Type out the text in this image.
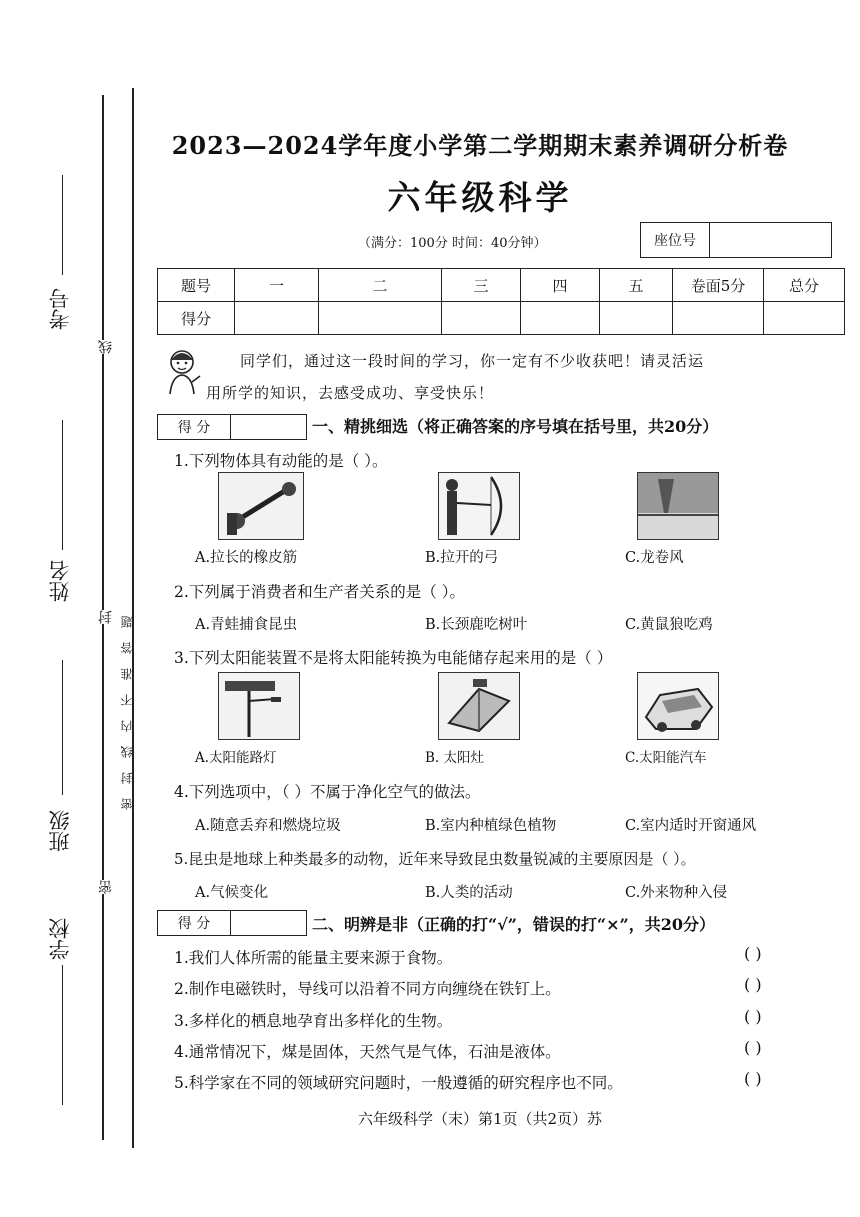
考号
姓名
班级
学校
线
封
密
密封线内不准答题
2023—2024学年度小学第二学期期末素养调研分析卷
六年级科学
（满分：100分 时间：40分钟）	座位号
题号	一	二	三	四	五	卷面5分	总分
得分							
同学们，通过这一段时间的学习，你一定有不少收获吧！请灵活运
用所学的知识，去感受成功、享受快乐！
得 分	一、精挑细选（将正确答案的序号填在括号里，共20分）
1.下列物体具有动能的是（ ）。
A.拉长的橡皮筋	B.拉开的弓	C.龙卷风
2.下列属于消费者和生产者关系的是（ ）。
A.青蛙捕食昆虫	B.长颈鹿吃树叶	C.黄鼠狼吃鸡
3.下列太阳能装置不是将太阳能转换为电能储存起来用的是（ ）
A.太阳能路灯	B. 太阳灶	C.太阳能汽车
4.下列选项中，（ ）不属于净化空气的做法。
A.随意丢弃和燃烧垃圾	B.室内种植绿色植物	C.室内适时开窗通风
5.昆虫是地球上种类最多的动物，近年来导致昆虫数量锐减的主要原因是（ ）。
A.气候变化	B.人类的活动	C.外来物种入侵
得 分	二、明辨是非（正确的打“√”，错误的打“×”，共20分）
1.我们人体所需的能量主要来源于食物。	( )
2.制作电磁铁时，导线可以沿着不同方向缠绕在铁钉上。	( )
3.多样化的栖息地孕育出多样化的生物。	( )
4.通常情况下，煤是固体，天然气是气体，石油是液体。	( )
5.科学家在不同的领域研究问题时，一般遵循的研究程序也不同。	( )
六年级科学（末）第1页（共2页）苏
